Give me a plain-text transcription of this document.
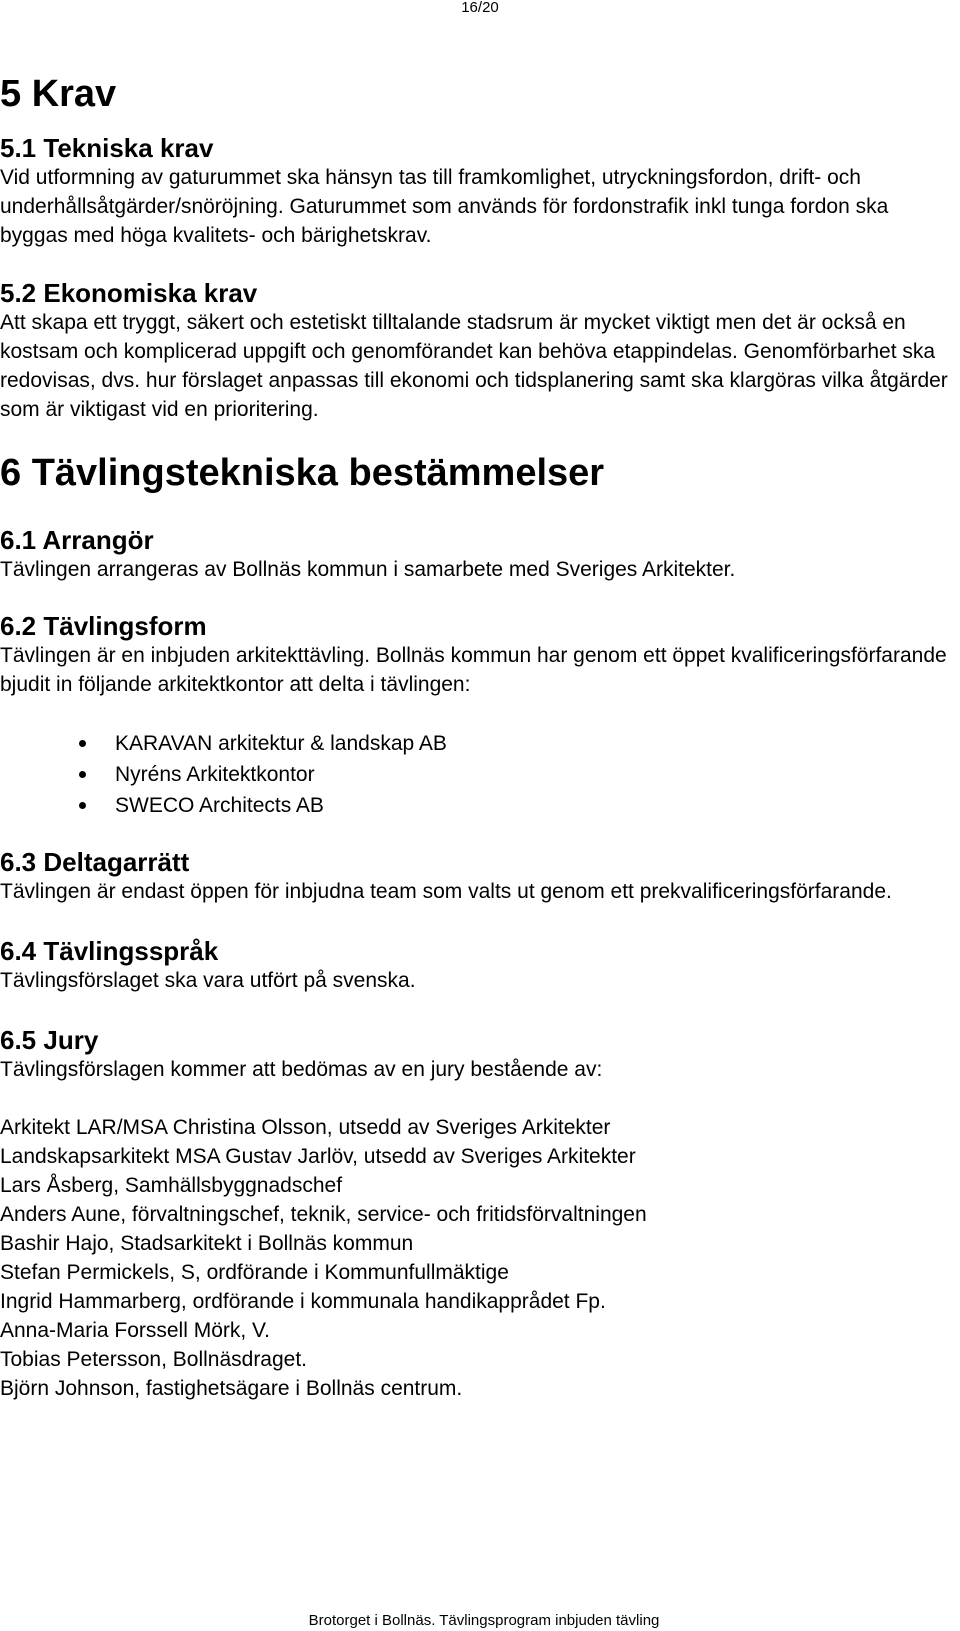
16/20
5 Krav
5.1 Tekniska krav

Vid utformning av gaturummet ska hänsyn tas till framkomlighet, utryckningsfordon, drift- och underhållsåtgärder/snöröjning. Gaturummet som används för fordonstrafik inkl tunga fordon ska byggas med höga kvalitets- och bärighetskrav.

5.2 Ekonomiska krav

Att skapa ett tryggt, säkert och estetiskt tilltalande stadsrum är mycket viktigt men det är också en kostsam och komplicerad uppgift och genomförandet kan behöva etappindelas. Genomförbarhet ska redovisas, dvs. hur förslaget anpassas till ekonomi och tidsplanering samt ska klargöras vilka åtgärder som är viktigast vid en prioritering.

6 Tävlingstekniska bestämmelser
6.1 Arrangör

Tävlingen arrangeras av Bollnäs kommun i samarbete med Sveriges Arkitekter.

6.2 Tävlingsform

Tävlingen är en inbjuden arkitekttävling. Bollnäs kommun har genom ett öppet kvalificeringsförfarande bjudit in följande arkitektkontor att delta i tävlingen:

KARAVAN arkitektur & landskap AB
Nyréns Arkitektkontor
SWECO Architects AB
6.3 Deltagarrätt

Tävlingen är endast öppen för inbjudna team som valts ut genom ett prekvalificeringsförfarande.

6.4 Tävlingsspråk

Tävlingsförslaget ska vara utfört på svenska.

6.5 Jury

Tävlingsförslagen kommer att bedömas av en jury bestående av:

Arkitekt LAR/MSA Christina Olsson, utsedd av Sveriges Arkitekter
Landskapsarkitekt MSA Gustav Jarlöv, utsedd av Sveriges Arkitekter
Lars Åsberg, Samhällsbyggnadschef
Anders Aune, förvaltningschef, teknik, service- och fritidsförvaltningen
Bashir Hajo, Stadsarkitekt i Bollnäs kommun
Stefan Permickels, S, ordförande i Kommunfullmäktige
Ingrid Hammarberg, ordförande i kommunala handikapprådet Fp.
Anna-Maria Forssell Mörk, V.
Tobias Petersson, Bollnäsdraget.
Björn Johnson, fastighetsägare i Bollnäs centrum.
Brotorget i Bollnäs. Tävlingsprogram inbjuden tävling
